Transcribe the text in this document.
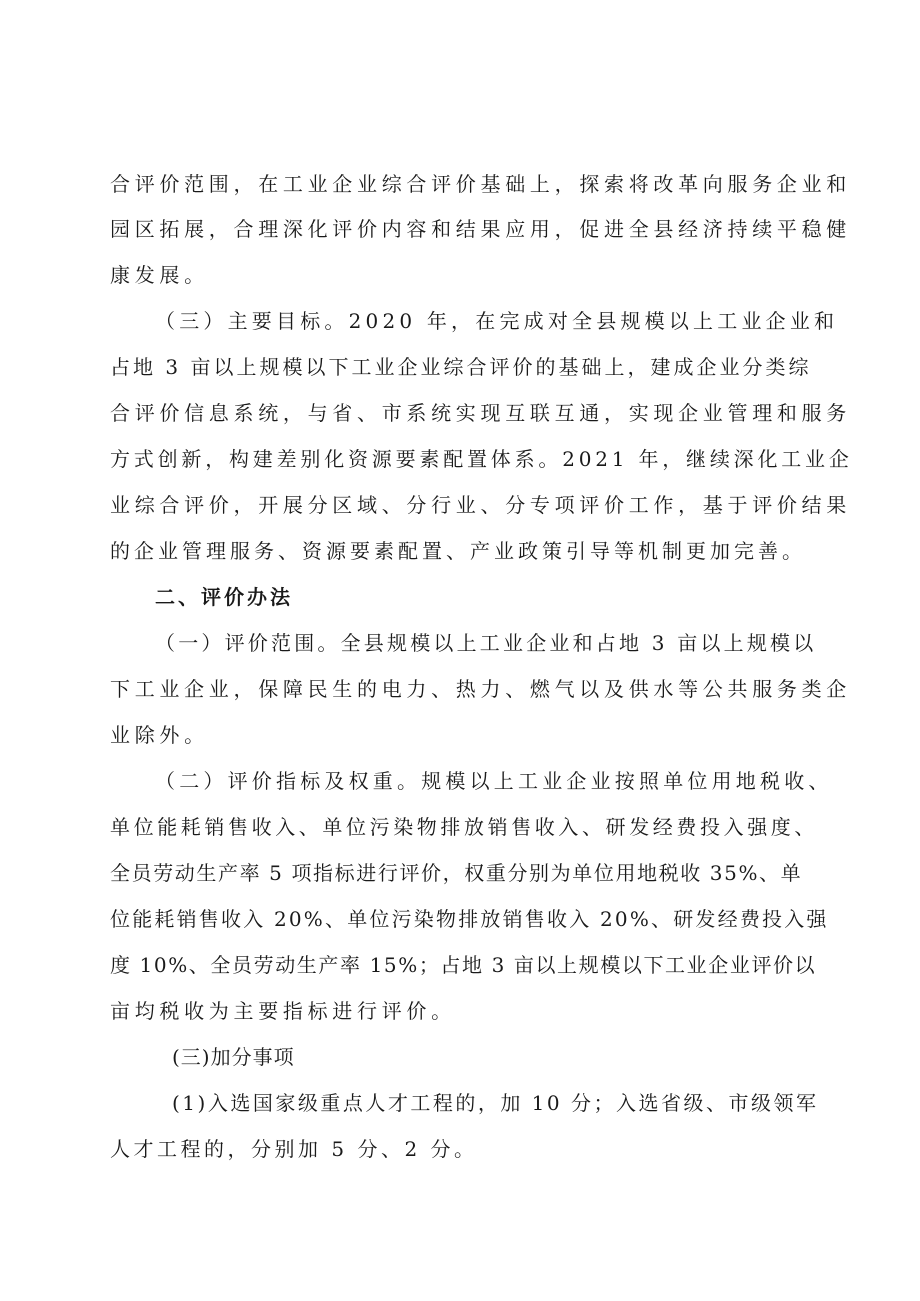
合评价范围，在工业企业综合评价基础上，探索将改革向服务企业和
园区拓展，合理深化评价内容和结果应用，促进全县经济持续平稳健
康发展。
（三）主要目标。2020 年，在完成对全县规模以上工业企业和
占地 3 亩以上规模以下工业企业综合评价的基础上，建成企业分类综
合评价信息系统，与省、市系统实现互联互通，实现企业管理和服务
方式创新，构建差别化资源要素配置体系。2021 年，继续深化工业企
业综合评价，开展分区域、分行业、分专项评价工作，基于评价结果
的企业管理服务、资源要素配置、产业政策引导等机制更加完善。
二、评价办法
（一）评价范围。全县规模以上工业企业和占地 3 亩以上规模以
下工业企业，保障民生的电力、热力、燃气以及供水等公共服务类企
业除外。
（二）评价指标及权重。规模以上工业企业按照单位用地税收、
单位能耗销售收入、单位污染物排放销售收入、研发经费投入强度、
全员劳动生产率 5 项指标进行评价，权重分别为单位用地税收 35%、单
位能耗销售收入 20%、单位污染物排放销售收入 20%、研发经费投入强
度 10%、全员劳动生产率 15%；占地 3 亩以上规模以下工业企业评价以
亩均税收为主要指标进行评价。
(三)加分事项
(1)入选国家级重点人才工程的，加 10 分；入选省级、市级领军
人才工程的，分别加 5 分、2 分。
